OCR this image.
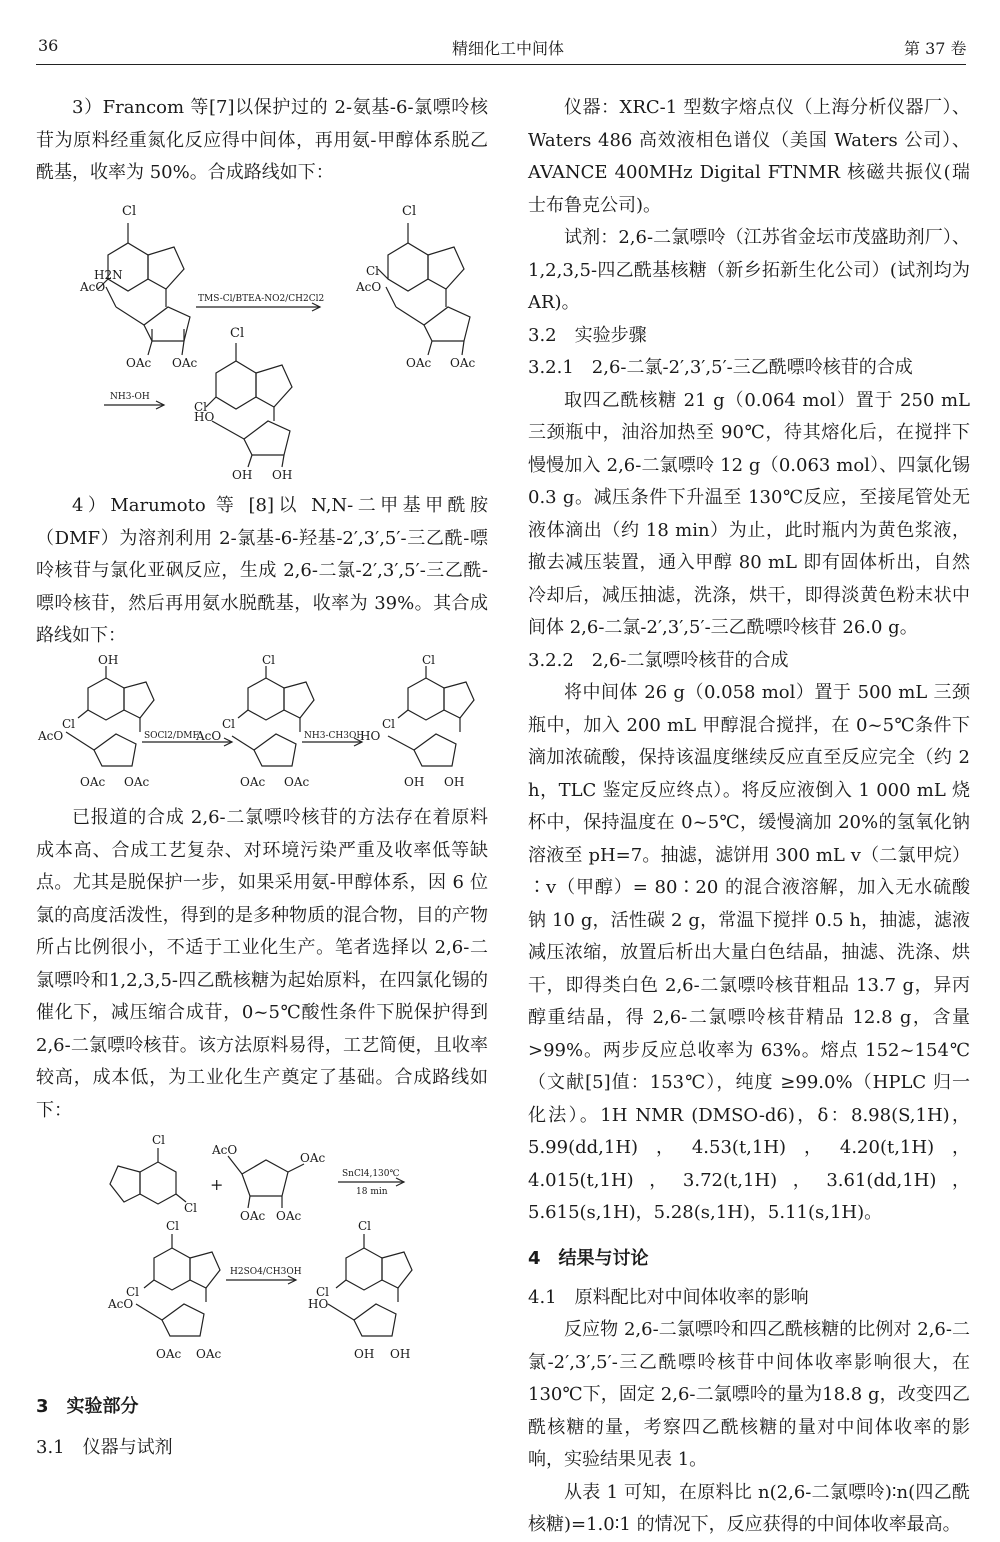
36	精细化工中间体	第 37 卷

3）Francom 等[7]以保护过的 2-氨基-6-氯嘌呤核苷为原料经重氮化反应得中间体，再用氨-甲醇体系脱乙酰基，收率为 50%。合成路线如下：

Cl
H2N
AcO
OAc OAc
TMS-Cl/BTEA-NO2/CH2Cl2
Cl
Cl
AcO
OAc OAc
NH3-OH
Cl
Cl
HO
OH OH

4）Marumoto 等 [8]以 N,N-二甲基甲酰胺（DMF）为溶剂利用 2-氯基-6-羟基-2′,3′,5′-三乙酰-嘌呤核苷与氯化亚砜反应，生成 2,6-二氯-2′,3′,5′-三乙酰-嘌呤核苷，然后再用氨水脱酰基，收率为 39%。其合成路线如下：

OH
Cl
AcO
OAc OAc
SOCl2/DMF
Cl
Cl
AcO
OAc OAc
NH3-CH3OH
Cl
Cl
HO
OH OH

已报道的合成 2,6-二氯嘌呤核苷的方法存在着原料成本高、合成工艺复杂、对环境污染严重及收率低等缺点。尤其是脱保护一步，如果采用氨-甲醇体系，因 6 位氯的高度活泼性，得到的是多种物质的混合物，目的产物所占比例很小，不适于工业化生产。笔者选择以 2,6-二氯嘌呤和1,2,3,5-四乙酰核糖为起始原料，在四氯化锡的催化下，减压缩合成苷，0~5℃酸性条件下脱保护得到 2,6-二氯嘌呤核苷。该方法原料易得，工艺简便，且收率较高，成本低，为工业化生产奠定了基础。合成路线如下：

Cl
Cl
+
AcO
OAc
OAc OAc
SnCl4,130℃
18 min
Cl
Cl
AcO
OAc OAc
H2SO4/CH3OH
Cl
Cl
HO
OH OH
3　实验部分
3.1　仪器与试剂

仪器：XRC-1 型数字熔点仪（上海分析仪器厂）、 Waters 486 高效液相色谱仪（美国 Waters 公司）、AVANCE 400MHz Digital FTNMR 核磁共振仪(瑞士布鲁克公司)。

试剂：2,6-二氯嘌呤（江苏省金坛市茂盛助剂厂）、1,2,3,5-四乙酰基核糖（新乡拓新生化公司）(试剂均为 AR)。

3.2　实验步骤
3.2.1　2,6-二氯-2′,3′,5′-三乙酰嘌呤核苷的合成

取四乙酰核糖 21 g（0.064 mol）置于 250 mL 三颈瓶中，油浴加热至 90℃，待其熔化后，在搅拌下慢慢加入 2,6-二氯嘌呤 12 g（0.063 mol）、四氯化锡 0.3 g。减压条件下升温至 130℃反应，至接尾管处无液体滴出（约 18 min）为止，此时瓶内为黄色浆液，撤去减压装置，通入甲醇 80 mL 即有固体析出，自然冷却后，减压抽滤，洗涤，烘干，即得淡黄色粉末状中间体 2,6-二氯-2′,3′,5′-三乙酰嘌呤核苷 26.0 g。

3.2.2　2,6-二氯嘌呤核苷的合成

将中间体 26 g（0.058 mol）置于 500 mL 三颈瓶中，加入 200 mL 甲醇混合搅拌，在 0~5℃条件下滴加浓硫酸，保持该温度继续反应直至反应完全（约 2 h，TLC 鉴定反应终点）。将反应液倒入 1 000 mL 烧杯中，保持温度在 0~5℃，缓慢滴加 20%的氢氧化钠溶液至 pH=7。抽滤，滤饼用 300 mL v（二氯甲烷）∶v（甲醇）= 80∶20 的混合液溶解，加入无水硫酸钠 10 g，活性碳 2 g，常温下搅拌 0.5 h，抽滤，滤液减压浓缩，放置后析出大量白色结晶，抽滤、洗涤、烘干，即得类白色 2,6-二氯嘌呤核苷粗品 13.7 g，异丙醇重结晶，得 2,6-二氯嘌呤核苷精品 12.8 g，含量>99%。两步反应总收率为 63%。熔点 152~154℃（文献[5]值：153℃），纯度 ≥99.0%（HPLC 归一化法）。1H NMR (DMSO-d6)，δ：8.98(S,1H)，5.99(dd,1H)，4.53(t,1H)，4.20(t,1H)，4.015(t,1H)，3.72(t,1H)，3.61(dd,1H)，5.615(s,1H)，5.28(s,1H)，5.11(s,1H)。

4　结果与讨论
4.1　原料配比对中间体收率的影响

反应物 2,6-二氯嘌呤和四乙酰核糖的比例对 2,6-二氯-2′,3′,5′-三乙酰嘌呤核苷中间体收率影响很大，在 130℃下，固定 2,6-二氯嘌呤的量为18.8 g，改变四乙酰核糖的量，考察四乙酰核糖的量对中间体收率的影响，实验结果见表 1。

从表 1 可知，在原料比 n(2,6-二氯嘌呤)∶n(四乙酰核糖)=1.0∶1 的情况下，反应获得的中间体收率最高。
